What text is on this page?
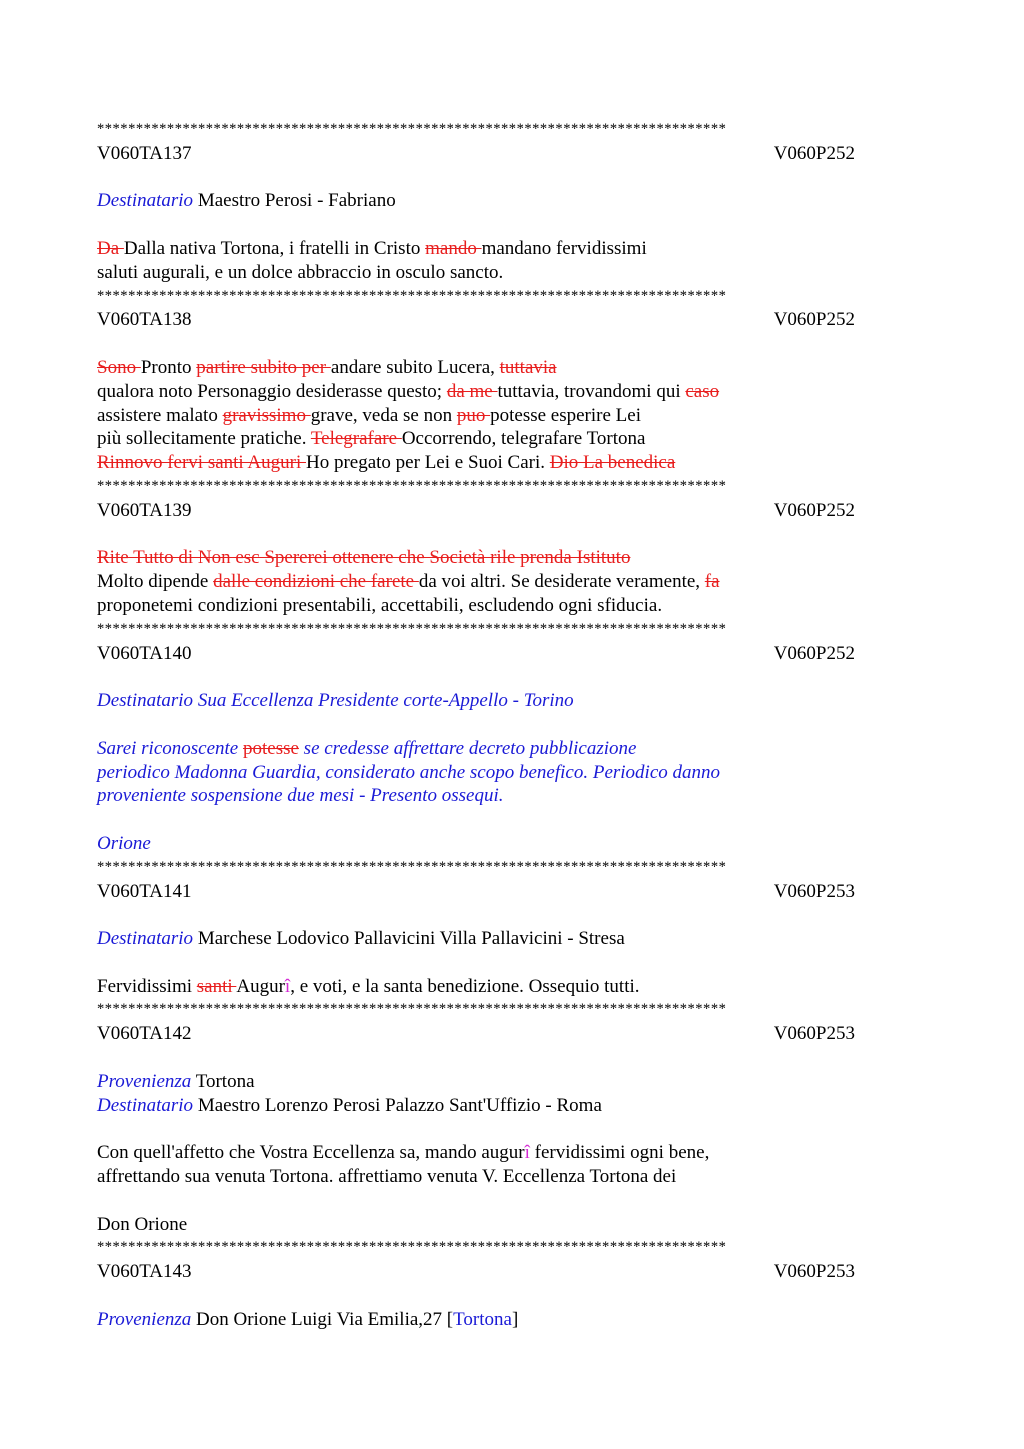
*********************************************************************************
V060TA137	V060P252
Destinatario Maestro Perosi - Fabriano
Da Dalla nativa Tortona, i fratelli in Cristo mando mandano fervidissimi
saluti augurali, e un dolce abbraccio in osculo sancto.
*********************************************************************************
V060TA138	V060P252
Sono Pronto partire subito per andare subito Lucera, tuttavia
qualora noto Personaggio desiderasse questo; da me tuttavia, trovandomi qui caso
assistere malato gravissimo grave, veda se non puo potesse esperire Lei
più sollecitamente pratiche. Telegrafare Occorrendo, telegrafare Tortona
Rinnovo fervi santi Auguri Ho pregato per Lei e Suoi Cari. Dio La benedica
*********************************************************************************
V060TA139	V060P252
Rite Tutto di Non esc Spererei ottenere che Società rile prenda Istituto
Molto dipende dalle condizioni che farete da voi altri. Se desiderate veramente, fa
proponetemi condizioni presentabili, accettabili, escludendo ogni sfiducia.
*********************************************************************************
V060TA140	V060P252
Destinatario Sua Eccellenza Presidente corte-Appello - Torino
Sarei riconoscente potesse se credesse affrettare decreto pubblicazione
periodico Madonna Guardia, considerato anche scopo benefico. Periodico danno
proveniente sospensione due mesi - Presento ossequi.
Orione
*********************************************************************************
V060TA141	V060P253
Destinatario Marchese Lodovico Pallavicini Villa Pallavicini - Stresa
Fervidissimi santi Augurî, e voti, e la santa benedizione. Ossequio tutti.
*********************************************************************************
V060TA142	V060P253
Provenienza Tortona
Destinatario Maestro Lorenzo Perosi Palazzo Sant'Uffizio - Roma
Con quell'affetto che Vostra Eccellenza sa, mando augurî fervidissimi ogni bene,
affrettando sua venuta Tortona. affrettiamo venuta V. Eccellenza Tortona dei
Don Orione
*********************************************************************************
V060TA143	V060P253
Provenienza Don Orione Luigi Via Emilia,27 [Tortona]
